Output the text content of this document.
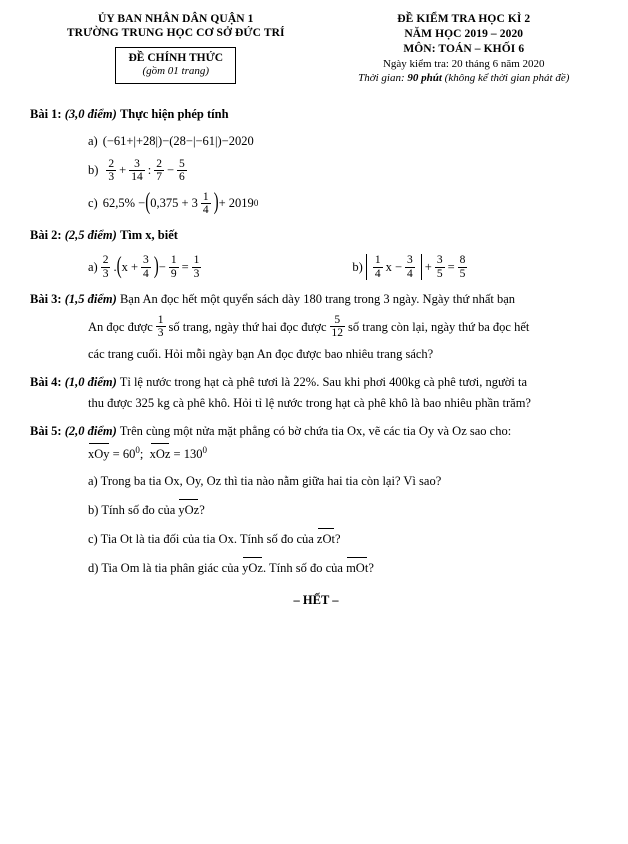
ỦY BAN NHÂN DÂN QUẬN 1
TRƯỜNG TRUNG HỌC CƠ SỞ ĐỨC TRÍ
ĐỀ CHÍNH THỨC
(gồm 01 trang)
ĐỀ KIỂM TRA HỌC KÌ 2
NĂM HỌC 2019 – 2020
MÔN: TOÁN – KHỐI 6
Ngày kiểm tra: 20 tháng 6 năm 2020
Thời gian: 90 phút (không kể thời gian phát đề)
Bài 1: (3,0 điểm) Thực hiện phép tính
a) (−61+|+28|)−(28−|−61|)−2020
$b) \frac{2}{3} + \frac{3}{14}$ : $\frac{2}{7} - \frac{5}{6}$
c) 62,5% − ( $0,375 + 3 \frac{1}{4}$ ) + 2019 0
Bài 2: (2,5 điểm) Tìm x, biết
$a) \frac{2}{3}$ . ( $x + \frac{3}{4}$ ) − $\frac{1}{9} = \frac{1}{3}$	$b) \frac{1}{4}$ $x - \frac{3}{4} + \frac{3}{5} = \frac{8}{5}$
Bài 3: (1,5 điểm) Bạn An đọc hết một quyển sách dày 180 trang trong 3 ngày. Ngày thứ nhất bạn
An đọc được $\frac{1}{3}$ số trang, ngày thứ hai đọc được $\frac{5}{12}$ số trang còn lại, ngày thứ ba đọc hết
các trang cuối. Hỏi mỗi ngày bạn An đọc được bao nhiêu trang sách?
Bài 4: (1,0 điểm) Tỉ lệ nước trong hạt cà phê tươi là 22%. Sau khi phơi 400kg cà phê tươi, người ta
thu được 325 kg cà phê khô. Hỏi tỉ lệ nước trong hạt cà phê khô là bao nhiêu phần trăm?
Bài 5: (2,0 điểm) Trên cùng một nửa mặt phẳng có bờ chứa tia Ox, vẽ các tia Oy và Oz sao cho:
xOy = $60^0$; xOz = $130^0$
a) Trong ba tia Ox, Oy, Oz thì tia nào nằm giữa hai tia còn lại? Vì sao?
b) Tính số đo của yOz?
c) Tia Ot là tia đối của tia Ox. Tính số đo của zOt?
d) Tia Om là tia phân giác của yOz. Tính số đo của mOt?
– HẾT –
